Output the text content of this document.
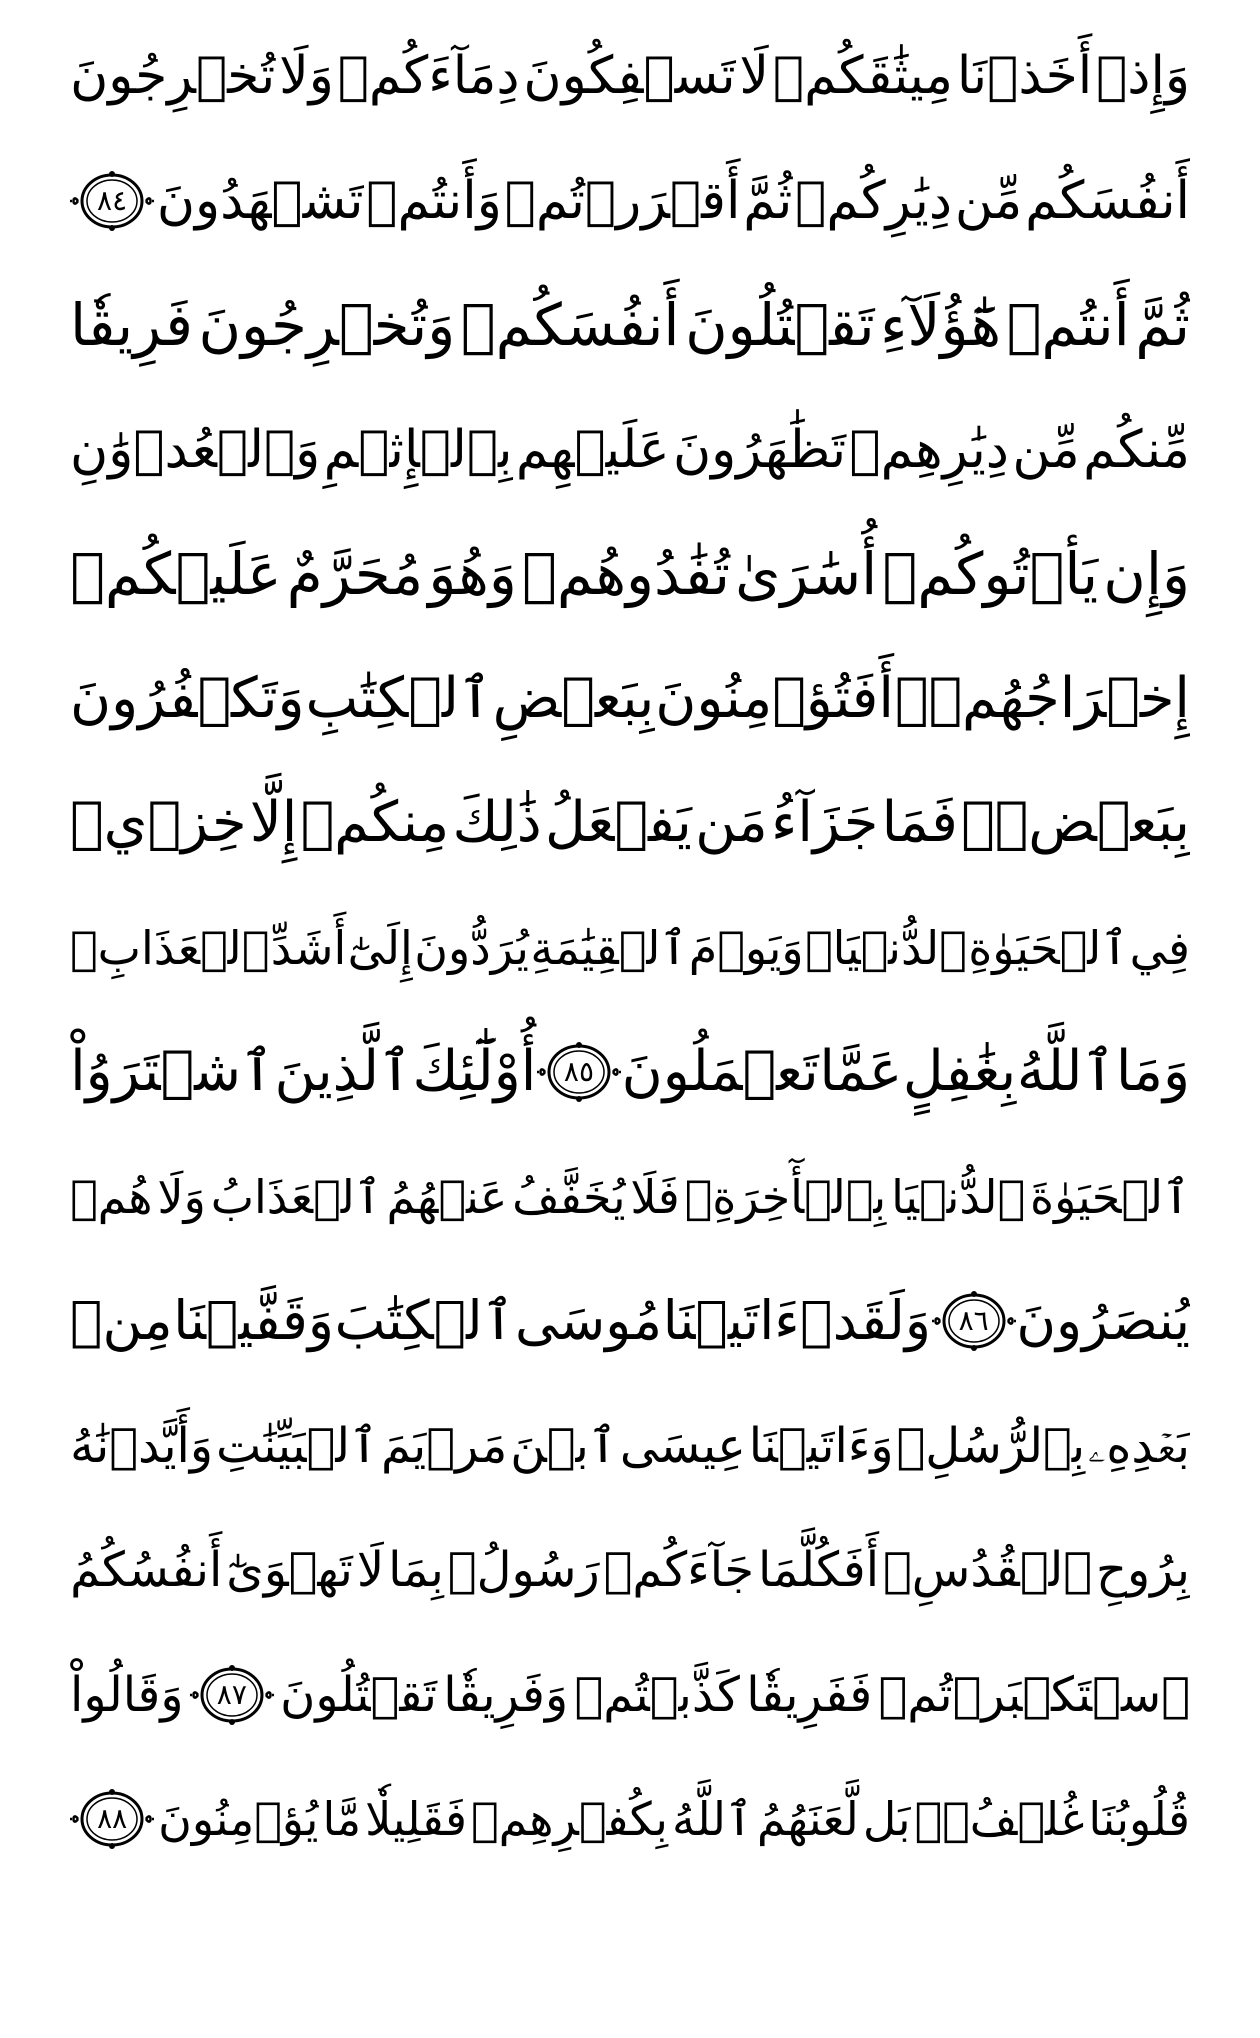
وَإِذۡ
أَخَذۡنَا
مِيثَٰقَكُمۡ
لَا
تَسۡفِكُونَ
دِمَآءَكُمۡ
وَلَا
تُخۡرِجُونَ
أَنفُسَكُم
مِّن
دِيَٰرِكُمۡ
ثُمَّ
أَقۡرَرۡتُمۡ
وَأَنتُمۡ
تَشۡهَدُونَ
٨٤
ثُمَّ
أَنتُمۡ
هَٰٓؤُلَآءِ
تَقۡتُلُونَ
أَنفُسَكُمۡ
وَتُخۡرِجُونَ
فَرِيقٗا
مِّنكُم
مِّن
دِيَٰرِهِمۡ
تَظَٰهَرُونَ
عَلَيۡهِم
بِٱلۡإِثۡمِ
وَٱلۡعُدۡوَٰنِ
وَإِن
يَأۡتُوكُمۡ
أُسَٰرَىٰ
تُفَٰدُوهُمۡ
وَهُوَ
مُحَرَّمٌ
عَلَيۡكُمۡ
إِخۡرَاجُهُمۡۚ
أَفَتُؤۡمِنُونَ
بِبَعۡضِ
ٱلۡكِتَٰبِ
وَتَكۡفُرُونَ
بِبَعۡضٖۚ
فَمَا
جَزَآءُ
مَن
يَفۡعَلُ
ذَٰلِكَ
مِنكُمۡ
إِلَّا
خِزۡيٞ
فِي
ٱلۡحَيَوٰةِ
ٱلدُّنۡيَاۖ
وَيَوۡمَ
ٱلۡقِيَٰمَةِ
يُرَدُّونَ
إِلَىٰٓ
أَشَدِّ
ٱلۡعَذَابِۗ
وَمَا
ٱللَّهُ
بِغَٰفِلٍ
عَمَّا
تَعۡمَلُونَ
٨٥
أُوْلَٰٓئِكَ
ٱلَّذِينَ
ٱشۡتَرَوُاْ
ٱلۡحَيَوٰةَ
ٱلدُّنۡيَا
بِٱلۡأٓخِرَةِۖ
فَلَا
يُخَفَّفُ
عَنۡهُمُ
ٱلۡعَذَابُ
وَلَا
هُمۡ
يُنصَرُونَ
٨٦
وَلَقَدۡ
ءَاتَيۡنَا
مُوسَى
ٱلۡكِتَٰبَ
وَقَفَّيۡنَا
مِنۢ
بَعۡدِهِۦ
بِٱلرُّسُلِۖ
وَءَاتَيۡنَا
عِيسَى
ٱبۡنَ
مَرۡيَمَ
ٱلۡبَيِّنَٰتِ
وَأَيَّدۡنَٰهُ
بِرُوحِ
ٱلۡقُدُسِۗ
أَفَكُلَّمَا
جَآءَكُمۡ
رَسُولُۢ
بِمَا
لَا
تَهۡوَىٰٓ
أَنفُسُكُمُ
ٱسۡتَكۡبَرۡتُمۡ
فَفَرِيقٗا
كَذَّبۡتُمۡ
وَفَرِيقٗا
تَقۡتُلُونَ
٨٧
وَقَالُواْ
قُلُوبُنَا
غُلۡفُۢۚ
بَل
لَّعَنَهُمُ
ٱللَّهُ
بِكُفۡرِهِمۡ
فَقَلِيلٗا
مَّا
يُؤۡمِنُونَ
٨٨
